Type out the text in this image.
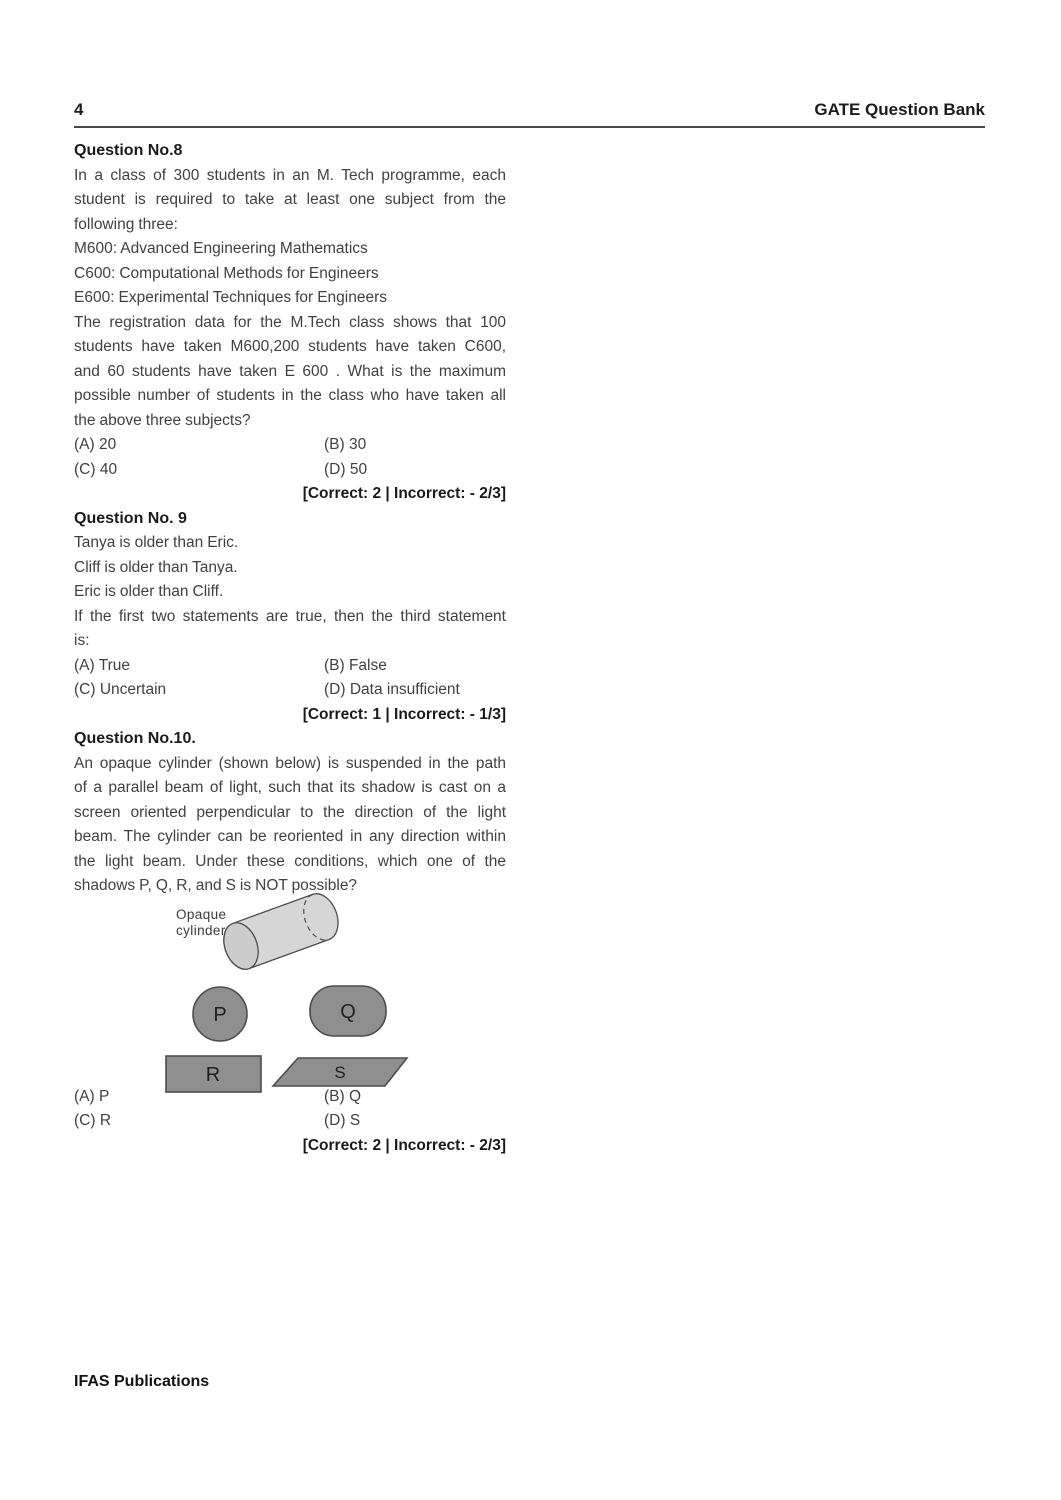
4	GATE Question Bank
Question No.8
In a class of 300 students in an M. Tech programme, each
student is required to take at least one subject from the
following three:
M600: Advanced Engineering Mathematics
C600: Computational Methods for Engineers
E600: Experimental Techniques for Engineers
The registration data for the M.Tech class shows that 100
students have taken M600,200 students have taken C600,
and 60 students have taken E 600 . What is the maximum
possible number of students in the class who have taken all
the above three subjects?
(A) 20	(B) 30
(C) 40	(D) 50
[Correct: 2 | Incorrect: - 2/3]
Question No. 9
Tanya is older than Eric.
Cliff is older than Tanya.
Eric is older than Cliff.
If the first two statements are true, then the third statement
is:
(A) True	(B) False
(C) Uncertain	(D) Data insufficient
[Correct: 1 | Incorrect: - 1/3]
Question No.10.
An opaque cylinder (shown below) is suspended in the path
of a parallel beam of light, such that its shadow is cast on a
screen oriented perpendicular to the direction of the light
beam. The cylinder can be reoriented in any direction within
the light beam. Under these conditions, which one of the
shadows P, Q, R, and S is NOT possible?
Opaque
cylinder
P	Q
R	S
(A) P	(B) Q
(C) R	(D) S
[Correct: 2 | Incorrect: - 2/3]
IFAS Publications
